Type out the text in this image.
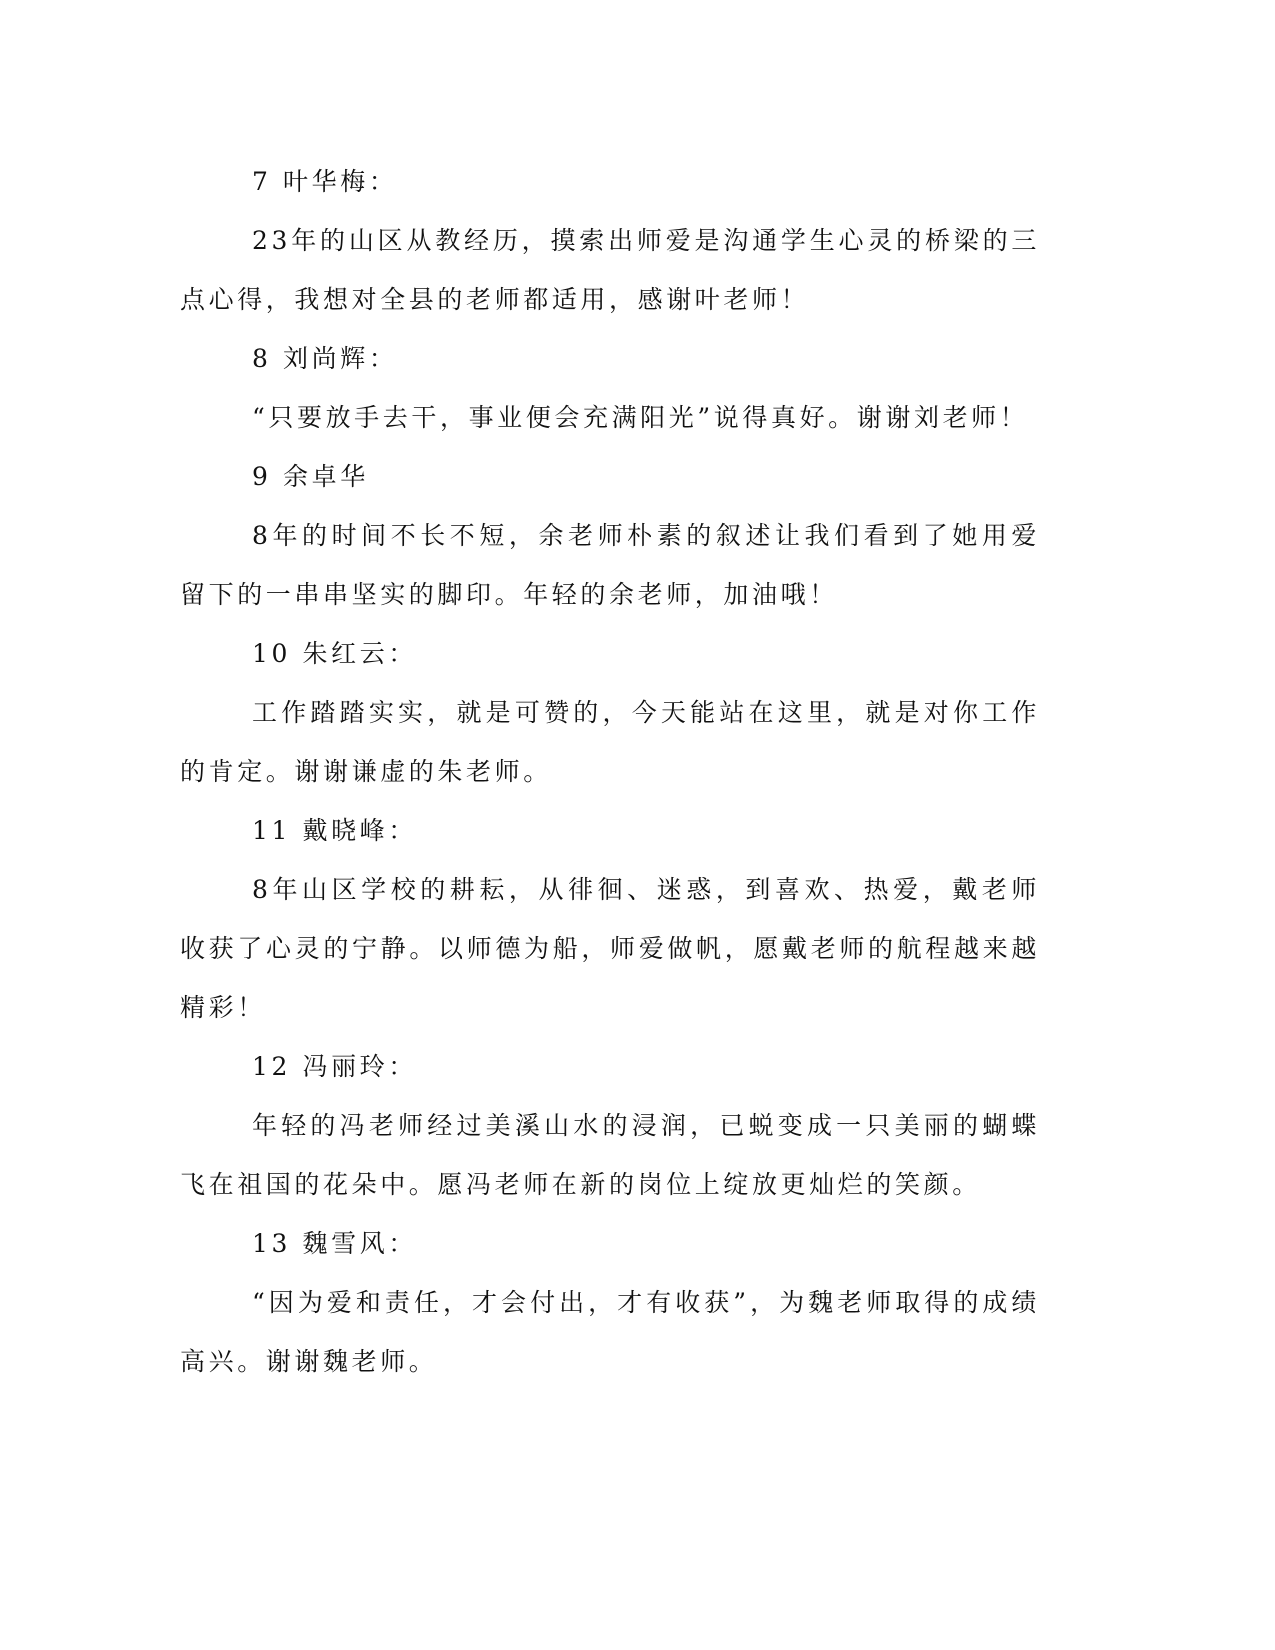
7 叶华梅：

23年的山区从教经历，摸索出师爱是沟通学生心灵的桥梁的三点心得，我想对全县的老师都适用，感谢叶老师！

8 刘尚辉：

“只要放手去干，事业便会充满阳光”说得真好。谢谢刘老师！

9 余卓华

8年的时间不长不短，余老师朴素的叙述让我们看到了她用爱留下的一串串坚实的脚印。年轻的余老师，加油哦！

10 朱红云：

工作踏踏实实，就是可赞的，今天能站在这里，就是对你工作的肯定。谢谢谦虚的朱老师。

11 戴晓峰：

8年山区学校的耕耘，从徘徊、迷惑，到喜欢、热爱，戴老师收获了心灵的宁静。以师德为船，师爱做帆，愿戴老师的航程越来越精彩！

12 冯丽玲：

年轻的冯老师经过美溪山水的浸润，已蜕变成一只美丽的蝴蝶飞在祖国的花朵中。愿冯老师在新的岗位上绽放更灿烂的笑颜。

13 魏雪风：

“因为爱和责任，才会付出，才有收获”，为魏老师取得的成绩高兴。谢谢魏老师。
